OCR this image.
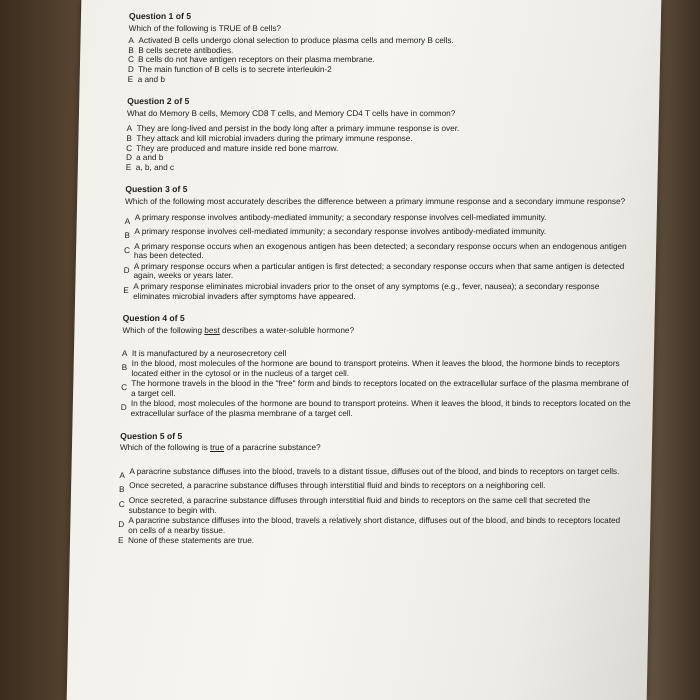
Question 1 of 5
Which of the following is TRUE of B cells?
A Activated B cells undergo clonal selection to produce plasma cells and memory B cells.
B B cells secrete antibodies.
C B cells do not have antigen receptors on their plasma membrane.
D The main function of B cells is to secrete interleukin-2
E a and b
Question 2 of 5
What do Memory B cells, Memory CD8 T cells, and Memory CD4 T cells have in common?
A They are long-lived and persist in the body long after a primary immune response is over.
B They attack and kill microbial invaders during the primary immune response.
C They are produced and mature inside red bone marrow.
D a and b
E a, b, and c
Question 3 of 5
Which of the following most accurately describes the difference between a primary immune response and a secondary immune response?
A A primary response involves antibody-mediated immunity; a secondary response involves cell-mediated immunity.
B A primary response involves cell-mediated immunity; a secondary response involves antibody-mediated immunity.
C A primary response occurs when an exogenous antigen has been detected; a secondary response occurs when an endogenous antigen has been detected.
D A primary response occurs when a particular antigen is first detected; a secondary response occurs when that same antigen is detected again, weeks or years later.
E A primary response eliminates microbial invaders prior to the onset of any symptoms (e.g., fever, nausea); a secondary response eliminates microbial invaders after symptoms have appeared.
Question 4 of 5
Which of the following best describes a water-soluble hormone?
A It is manufactured by a neurosecretory cell
B In the blood, most molecules of the hormone are bound to transport proteins. When it leaves the blood, the hormone binds to receptors located either in the cytosol or in the nucleus of a target cell.
C The hormone travels in the blood in the "free" form and binds to receptors located on the extracellular surface of the plasma membrane of a target cell.
D In the blood, most molecules of the hormone are bound to transport proteins. When it leaves the blood, it binds to receptors located on the extracellular surface of the plasma membrane of a target cell.
Question 5 of 5
Which of the following is true of a paracrine substance?
A A paracrine substance diffuses into the blood, travels to a distant tissue, diffuses out of the blood, and binds to receptors on target cells.
B Once secreted, a paracrine substance diffuses through interstitial fluid and binds to receptors on a neighboring cell.
C Once secreted, a paracrine substance diffuses through interstitial fluid and binds to receptors on the same cell that secreted the substance to begin with.
D A paracrine substance diffuses into the blood, travels a relatively short distance, diffuses out of the blood, and binds to receptors located on cells of a nearby tissue.
E None of these statements are true.
